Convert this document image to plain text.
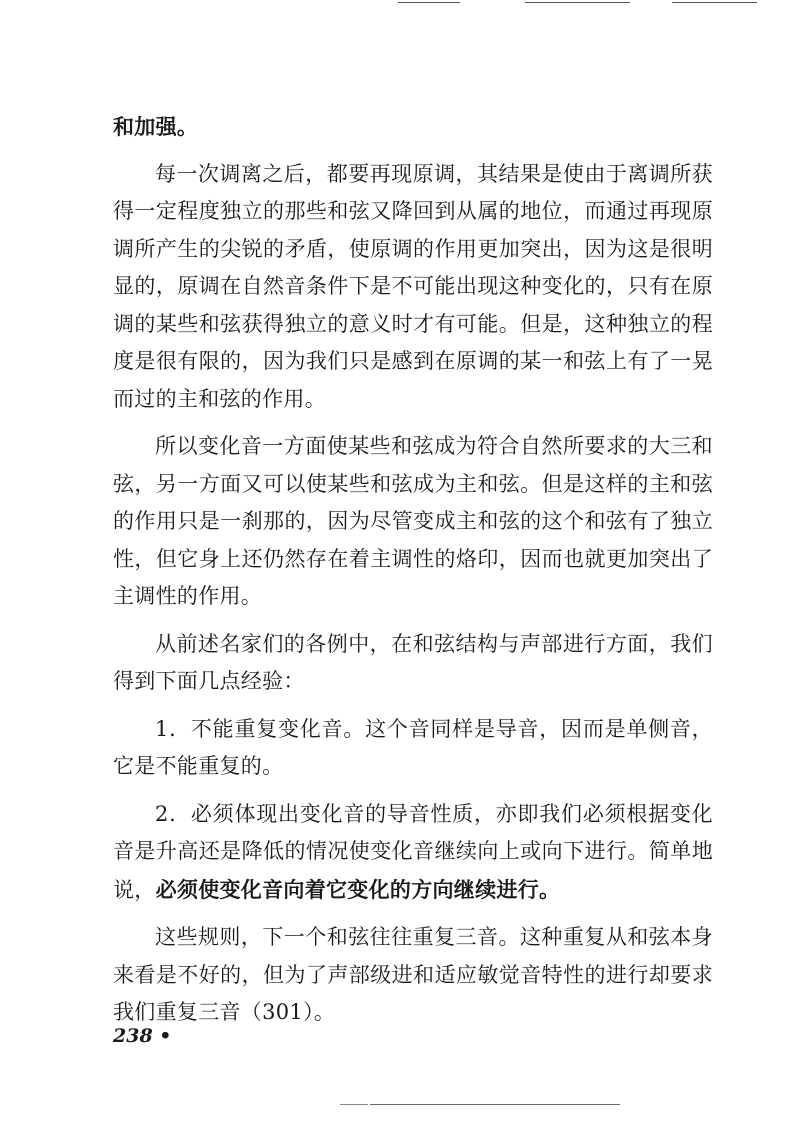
和加强。

每一次调离之后，都要再现原调，其结果是使由于离调所获得一定程度独立的那些和弦又降回到从属的地位，而通过再现原调所产生的尖锐的矛盾，使原调的作用更加突出，因为这是很明显的，原调在自然音条件下是不可能出现这种变化的，只有在原调的某些和弦获得独立的意义时才有可能。但是，这种独立的程度是很有限的，因为我们只是感到在原调的某一和弦上有了一晃而过的主和弦的作用。

所以变化音一方面使某些和弦成为符合自然所要求的大三和弦，另一方面又可以使某些和弦成为主和弦。但是这样的主和弦的作用只是一刹那的，因为尽管变成主和弦的这个和弦有了独立性，但它身上还仍然存在着主调性的烙印，因而也就更加突出了主调性的作用。

从前述名家们的各例中，在和弦结构与声部进行方面，我们得到下面几点经验：

1．不能重复变化音。这个音同样是导音，因而是单侧音，它是不能重复的。

2．必须体现出变化音的导音性质，亦即我们必须根据变化音是升高还是降低的情况使变化音继续向上或向下进行。简单地说，必须使变化音向着它变化的方向继续进行。

这些规则，下一个和弦往往重复三音。这种重复从和弦本身来看是不好的，但为了声部级进和适应敏觉音特性的进行却要求我们重复三音（301）。

238 •
